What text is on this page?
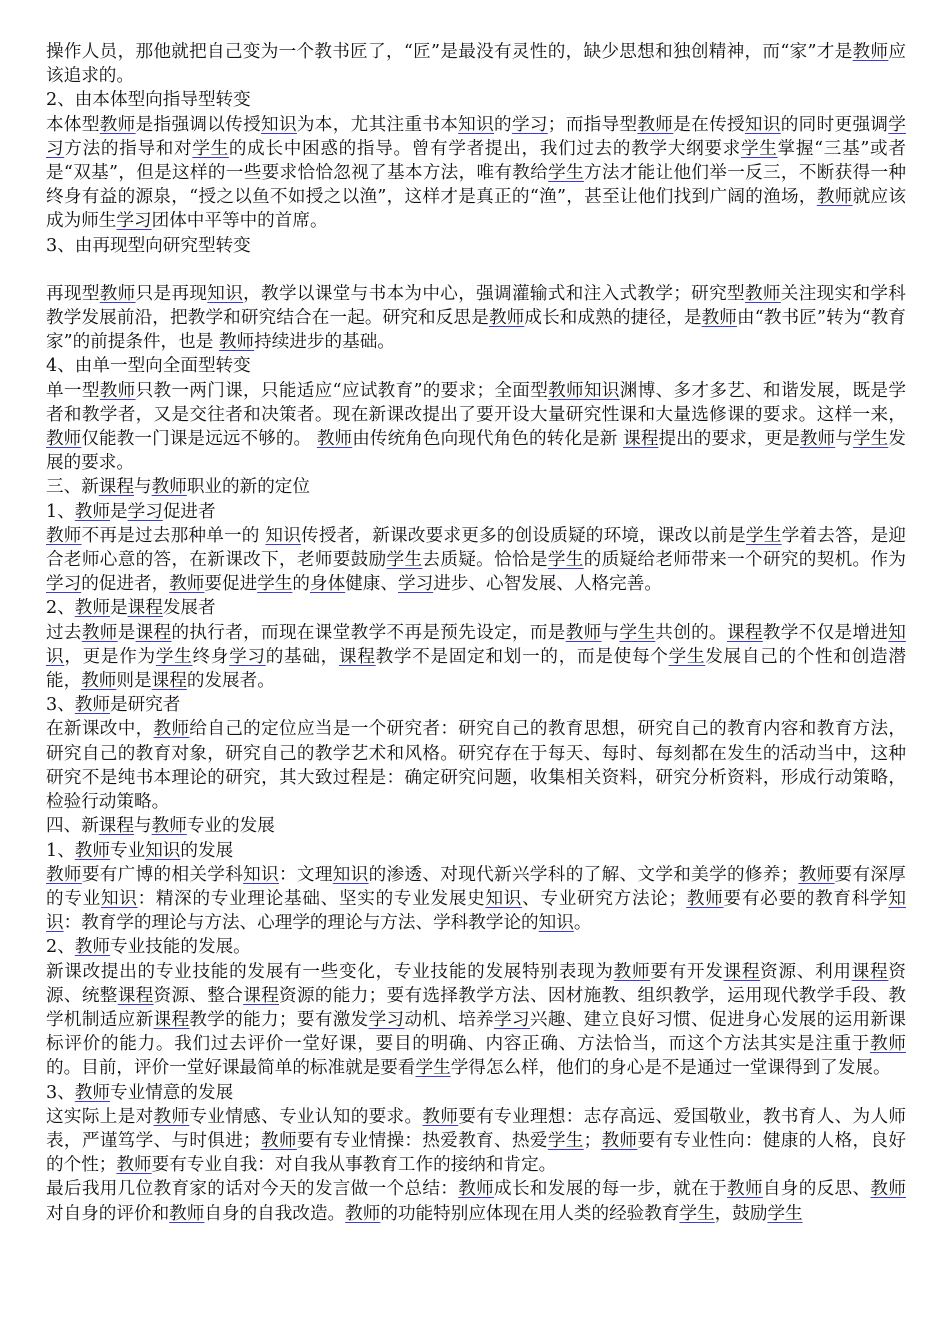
操作人员，那他就把自己变为一个教书匠了，“匠”是最没有灵性的，缺少思想和独创精神，而“家”才是教师应该追求的。

2、由本体型向指导型转变

本体型教师是指强调以传授知识为本，尤其注重书本知识的学习；而指导型教师是在传授知识的同时更强调学习方法的指导和对学生的成长中困惑的指导。曾有学者提出，我们过去的教学大纲要求学生掌握“三基”或者是“双基”，但是这样的一些要求恰恰忽视了基本方法，唯有教给学生方法才能让他们举一反三，不断获得一种终身有益的源泉，“授之以鱼不如授之以渔”，这样才是真正的“渔”，甚至让他们找到广阔的渔场，教师就应该成为师生学习团体中平等中的首席。

3、由再现型向研究型转变

再现型教师只是再现知识，教学以课堂与书本为中心，强调灌输式和注入式教学；研究型教师关注现实和学科教学发展前沿，把教学和研究结合在一起。研究和反思是教师成长和成熟的捷径，是教师由“教书匠”转为“教育家”的前提条件，也是 教师持续进步的基础。

4、由单一型向全面型转变

单一型教师只教一两门课，只能适应“应试教育”的要求；全面型教师知识渊博、多才多艺、和谐发展，既是学者和教学者，又是交往者和决策者。现在新课改提出了要开设大量研究性课和大量选修课的要求。这样一来，教师仅能教一门课是远远不够的。 教师由传统角色向现代角色的转化是新 课程提出的要求，更是教师与学生发展的要求。

三、新课程与教师职业的新的定位

1、教师是学习促进者

教师不再是过去那种单一的 知识传授者，新课改要求更多的创设质疑的环境，课改以前是学生学着去答，是迎合老师心意的答，在新课改下，老师要鼓励学生去质疑。恰恰是学生的质疑给老师带来一个研究的契机。作为学习的促进者，教师要促进学生的身体健康、学习进步、心智发展、人格完善。

2、教师是课程发展者

过去教师是课程的执行者，而现在课堂教学不再是预先设定，而是教师与学生共创的。课程教学不仅是增进知识，更是作为学生终身学习的基础，课程教学不是固定和划一的，而是使每个学生发展自己的个性和创造潜能，教师则是课程的发展者。

3、教师是研究者

在新课改中，教师给自己的定位应当是一个研究者：研究自己的教育思想，研究自己的教育内容和教育方法，研究自己的教育对象，研究自己的教学艺术和风格。研究存在于每天、每时、每刻都在发生的活动当中，这种研究不是纯书本理论的研究，其大致过程是：确定研究问题，收集相关资料，研究分析资料，形成行动策略，检验行动策略。

四、新课程与教师专业的发展

1、教师专业知识的发展

教师要有广博的相关学科知识：文理知识的渗透、对现代新兴学科的了解、文学和美学的修养；教师要有深厚的专业知识：精深的专业理论基础、坚实的专业发展史知识、专业研究方法论；教师要有必要的教育科学知识：教育学的理论与方法、心理学的理论与方法、学科教学论的知识。

2、教师专业技能的发展。

新课改提出的专业技能的发展有一些变化，专业技能的发展特别表现为教师要有开发课程资源、利用课程资源、统整课程资源、整合课程资源的能力；要有选择教学方法、因材施教、组织教学，运用现代教学手段、教学机制适应新课程教学的能力；要有激发学习动机、培养学习兴趣、建立良好习惯、促进身心发展的运用新课标评价的能力。我们过去评价一堂好课，要目的明确、内容正确、方法恰当，而这个方法其实是注重于教师的。目前，评价一堂好课最简单的标准就是要看学生学得怎么样，他们的身心是不是通过一堂课得到了发展。

3、教师专业情意的发展

这实际上是对教师专业情感、专业认知的要求。教师要有专业理想：志存高远、爱国敬业，教书育人、为人师表，严谨笃学、与时俱进；教师要有专业情操：热爱教育、热爱学生；教师要有专业性向：健康的人格，良好的个性；教师要有专业自我：对自我从事教育工作的接纳和肯定。

最后我用几位教育家的话对今天的发言做一个总结：教师成长和发展的每一步，就在于教师自身的反思、教师对自身的评价和教师自身的自我改造。教师的功能特别应体现在用人类的经验教育学生，鼓励学生
